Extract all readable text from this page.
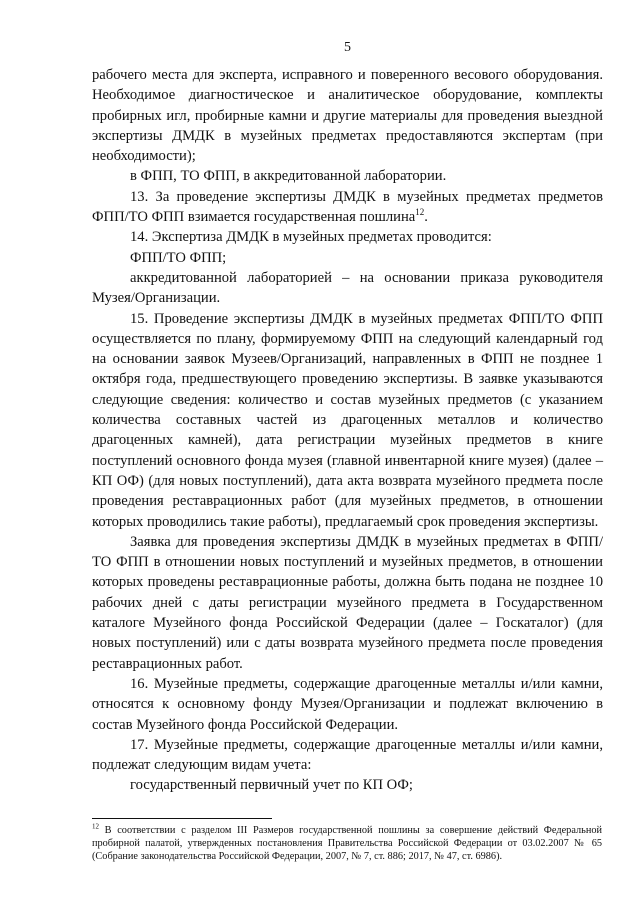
5

рабочего места для эксперта, исправного и поверенного весового оборудования. Необходимое диагностическое и аналитическое оборудование, комплекты пробирных игл, пробирные камни и другие материалы для проведения выездной экспертизы ДМДК в музейных предметах предоставляются экспертам (при необходимости);

в ФПП, ТО ФПП, в аккредитованной лаборатории.

13. За проведение экспертизы ДМДК в музейных предметах предметов ФПП/ТО ФПП взимается государственная пошлина$^{12}$.

14. Экспертиза ДМДК в музейных предметах проводится:

ФПП/ТО ФПП;

аккредитованной лабораторией – на основании приказа руководителя Музея/Организации.

15. Проведение экспертизы ДМДК в музейных предметах ФПП/ТО ФПП осуществляется по плану, формируемому ФПП на следующий календарный год на основании заявок Музеев/Организаций, направленных в ФПП не позднее 1 октября года, предшествующего проведению экспертизы. В заявке указываются следующие сведения: количество и состав музейных предметов (с указанием количества составных частей из драгоценных металлов и количество драгоценных камней), дата регистрации музейных предметов в книге поступлений основного фонда музея (главной инвентарной книге музея) (далее – КП ОФ) (для новых поступлений), дата акта возврата музейного предмета после проведения реставрационных работ (для музейных предметов, в отношении которых проводились такие работы), предлагаемый срок проведения экспертизы.

Заявка для проведения экспертизы ДМДК в музейных предметах в ФПП/ТО ФПП в отношении новых поступлений и музейных предметов, в отношении которых проведены реставрационные работы, должна быть подана не позднее 10 рабочих дней с даты регистрации музейного предмета в Государственном каталоге Музейного фонда Российской Федерации (далее – Госкаталог) (для новых поступлений) или с даты возврата музейного предмета после проведения реставрационных работ.

16. Музейные предметы, содержащие драгоценные металлы и/или камни, относятся к основному фонду Музея/Организации и подлежат включению в состав Музейного фонда Российской Федерации.

17. Музейные предметы, содержащие драгоценные металлы и/или камни, подлежат следующим видам учета:

государственный первичный учет по КП ОФ;

$^{12}$ В соответствии с разделом III Размеров государственной пошлины за совершение действий Федеральной пробирной палатой, утвержденных постановления Правительства Российской Федерации от 03.02.2007 № 65 (Собрание законодательства Российской Федерации, 2007, № 7, ст. 886; 2017, № 47, ст. 6986).
